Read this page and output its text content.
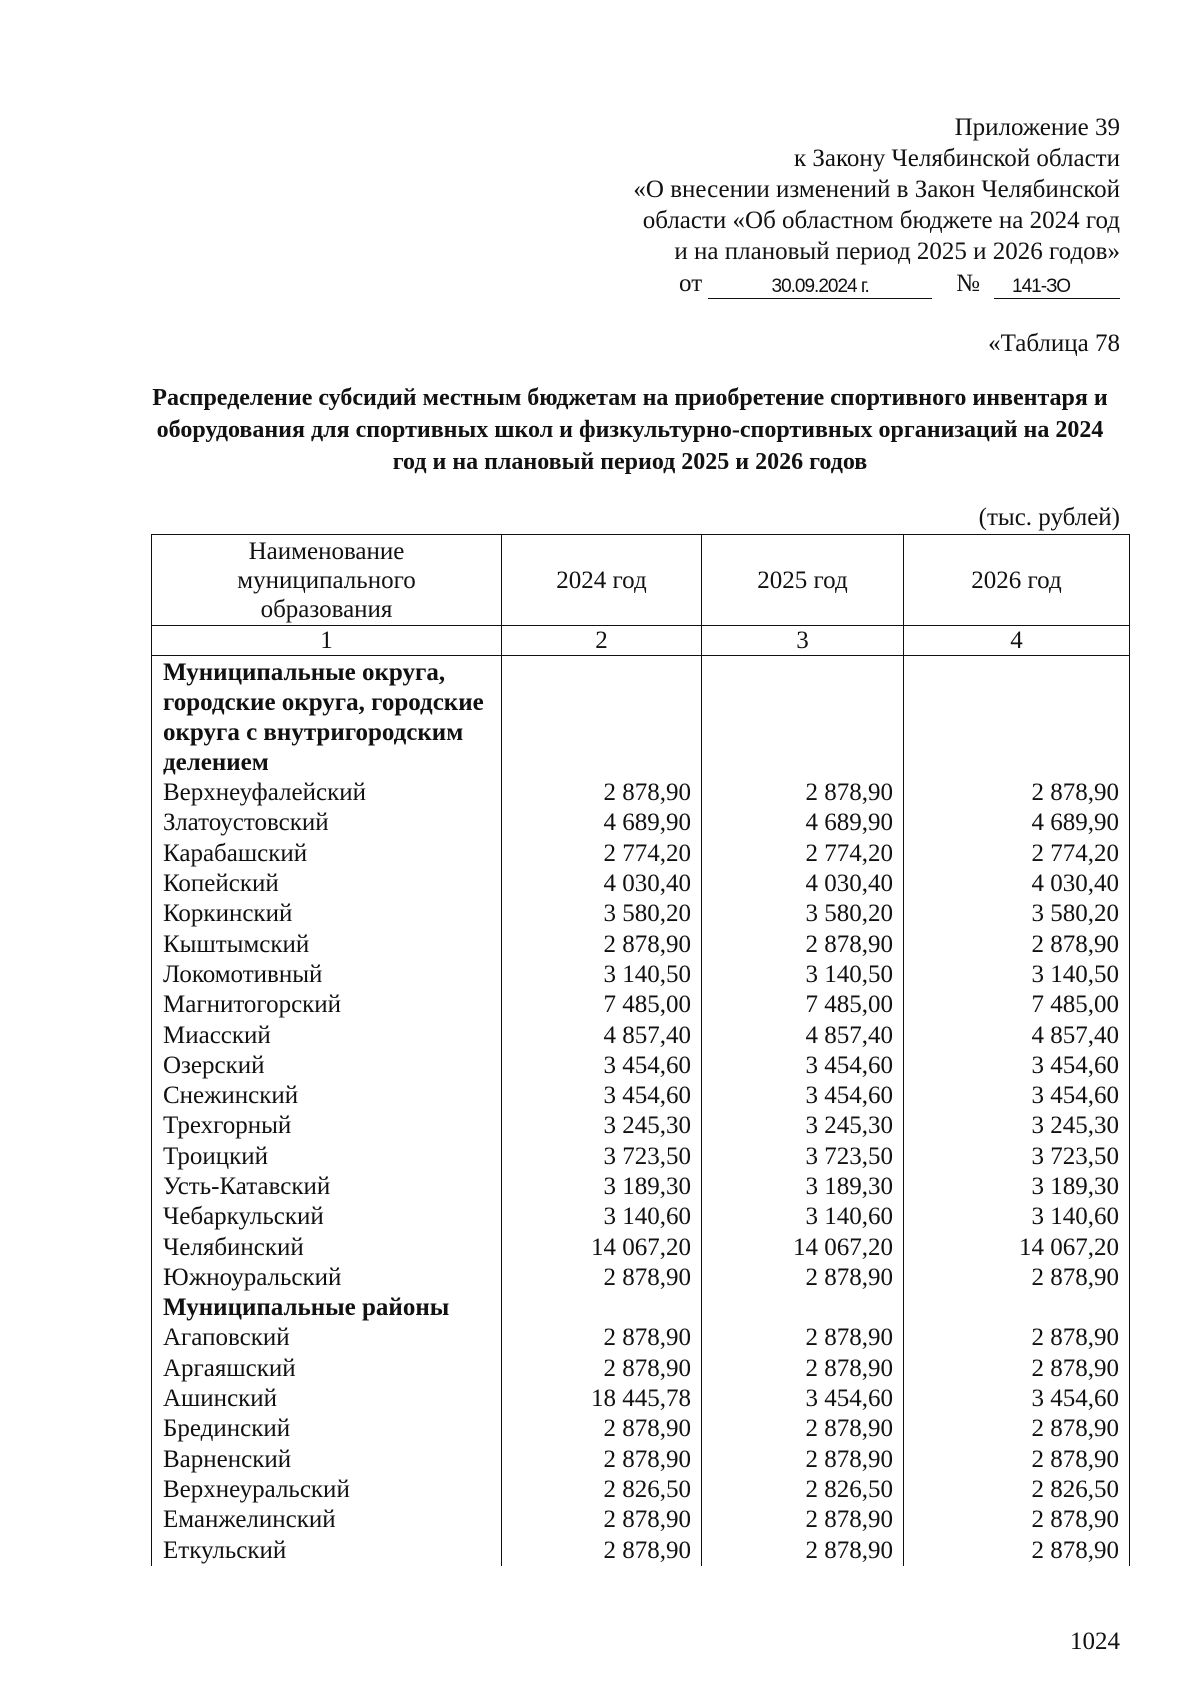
Приложение 39
к Закону Челябинской области
«О внесении изменений в Закон Челябинской
области «Об областном бюджете на 2024 год
и на плановый период 2025 и 2026 годов»
от	30.09.2024 г.	№	141-ЗО
«Таблица 78
Распределение субсидий местным бюджетам на приобретение спортивного инвентаря и оборудования для спортивных школ и физкультурно-спортивных организаций на 2024 год и на плановый период 2025 и 2026 годов
(тыс. рублей)
Наименование муниципального образования	2024 год	2025 год	2026 год
1	2	3	4
Муниципальные округа, городские округа, городские округа с внутригородским делением			
Верхнеуфалейский	2 878,90	2 878,90	2 878,90
Златоустовский	4 689,90	4 689,90	4 689,90
Карабашский	2 774,20	2 774,20	2 774,20
Копейский	4 030,40	4 030,40	4 030,40
Коркинский	3 580,20	3 580,20	3 580,20
Кыштымский	2 878,90	2 878,90	2 878,90
Локомотивный	3 140,50	3 140,50	3 140,50
Магнитогорский	7 485,00	7 485,00	7 485,00
Миасский	4 857,40	4 857,40	4 857,40
Озерский	3 454,60	3 454,60	3 454,60
Снежинский	3 454,60	3 454,60	3 454,60
Трехгорный	3 245,30	3 245,30	3 245,30
Троицкий	3 723,50	3 723,50	3 723,50
Усть-Катавский	3 189,30	3 189,30	3 189,30
Чебаркульский	3 140,60	3 140,60	3 140,60
Челябинский	14 067,20	14 067,20	14 067,20
Южноуральский	2 878,90	2 878,90	2 878,90
Муниципальные районы			
Агаповский	2 878,90	2 878,90	2 878,90
Аргаяшский	2 878,90	2 878,90	2 878,90
Ашинский	18 445,78	3 454,60	3 454,60
Брединский	2 878,90	2 878,90	2 878,90
Варненский	2 878,90	2 878,90	2 878,90
Верхнеуральский	2 826,50	2 826,50	2 826,50
Еманжелинский	2 878,90	2 878,90	2 878,90
Еткульский	2 878,90	2 878,90	2 878,90
1024
